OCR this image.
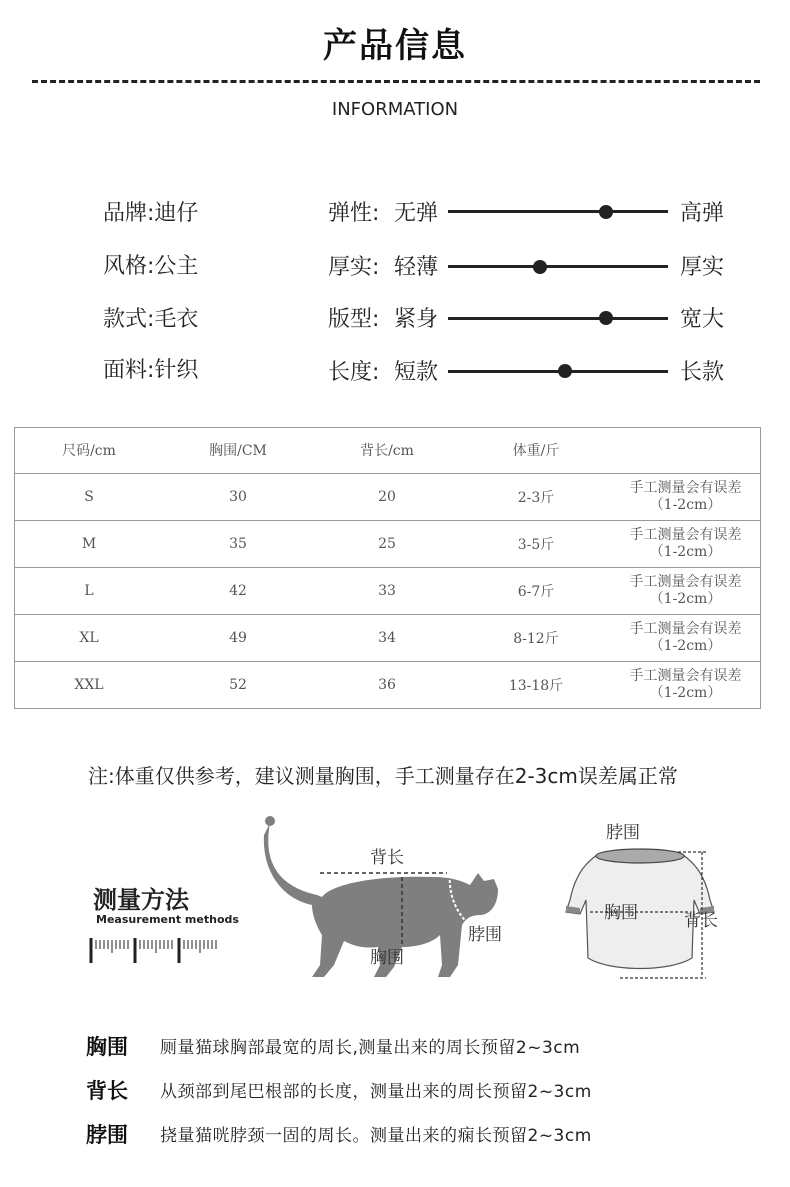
产品信息
INFORMATION
品牌:迪仔
风格:公主
款式:毛衣
面料:针织
弹性: 无弹	高弹
厚实: 轻薄	厚实
版型: 紧身	宽大
长度: 短款	长款
尺码/cm	胸围/CM	背长/cm	体重/斤	
S	30	20	2-3斤	手工测量会有误差
（1-2cm）

M	35	25	3-5斤	手工测量会有误差
（1-2cm）

L	42	33	6-7斤	手工测量会有误差
（1-2cm）

XL	49	34	8-12斤	手工测量会有误差
（1-2cm）

XXL	52	36	13-18斤	手工测量会有误差
（1-2cm）
注:体重仅供参考，建议测量胸围，手工测量存在2-3cm误差属正常
测量方法
Measurement methods
背长
胸围
脖围
脖围
胸围	背长
胸围 厕量猫球胸部最宽的周长,测量出来的周长预留2~3cm
背长 从颈部到尾巴根部的长度，测量出来的周长预留2~3cm
脖围 挠量猫咣脖颈一固的周长。测量出来的痫长预留2~3cm
